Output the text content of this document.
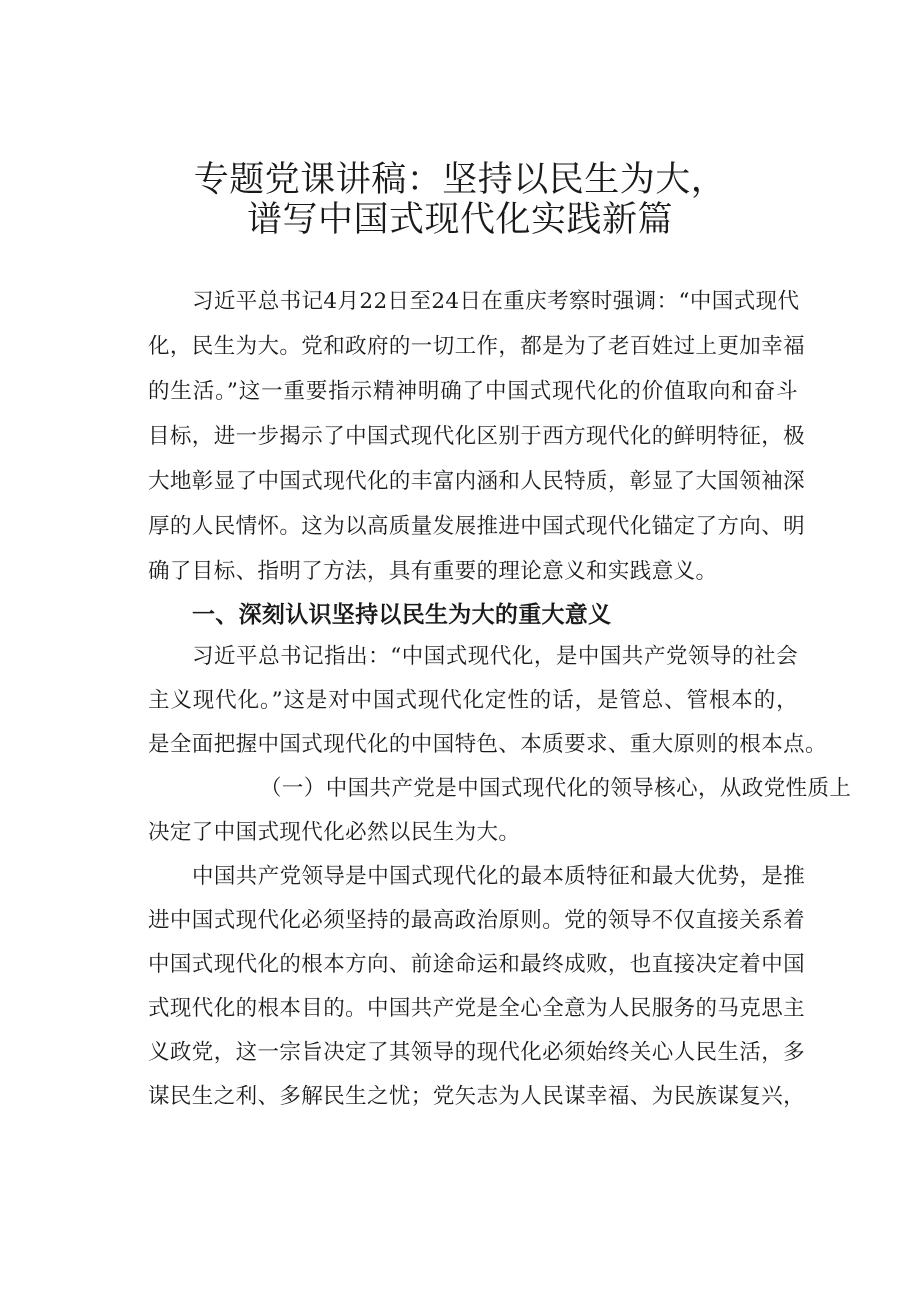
专题党课讲稿：坚持以民生为大，
谱写中国式现代化实践新篇
习近平总书记4月22日至24日在重庆考察时强调：“中国式现代
化，民生为大。党和政府的一切工作，都是为了老百姓过上更加幸福
的生活。”这一重要指示精神明确了中国式现代化的价值取向和奋斗
目标，进一步揭示了中国式现代化区别于西方现代化的鲜明特征，极
大地彰显了中国式现代化的丰富内涵和人民特质，彰显了大国领袖深
厚的人民情怀。这为以高质量发展推进中国式现代化锚定了方向、明
确了目标、指明了方法，具有重要的理论意义和实践意义。
一、深刻认识坚持以民生为大的重大意义
习近平总书记指出：“中国式现代化，是中国共产党领导的社会
主义现代化。”这是对中国式现代化定性的话，是管总、管根本的，
是全面把握中国式现代化的中国特色、本质要求、重大原则的根本点。
（一）中国共产党是中国式现代化的领导核心，从政党性质上
决定了中国式现代化必然以民生为大。
中国共产党领导是中国式现代化的最本质特征和最大优势，是推
进中国式现代化必须坚持的最高政治原则。党的领导不仅直接关系着
中国式现代化的根本方向、前途命运和最终成败，也直接决定着中国
式现代化的根本目的。中国共产党是全心全意为人民服务的马克思主
义政党，这一宗旨决定了其领导的现代化必须始终关心人民生活，多
谋民生之利、多解民生之忧；党矢志为人民谋幸福、为民族谋复兴，
